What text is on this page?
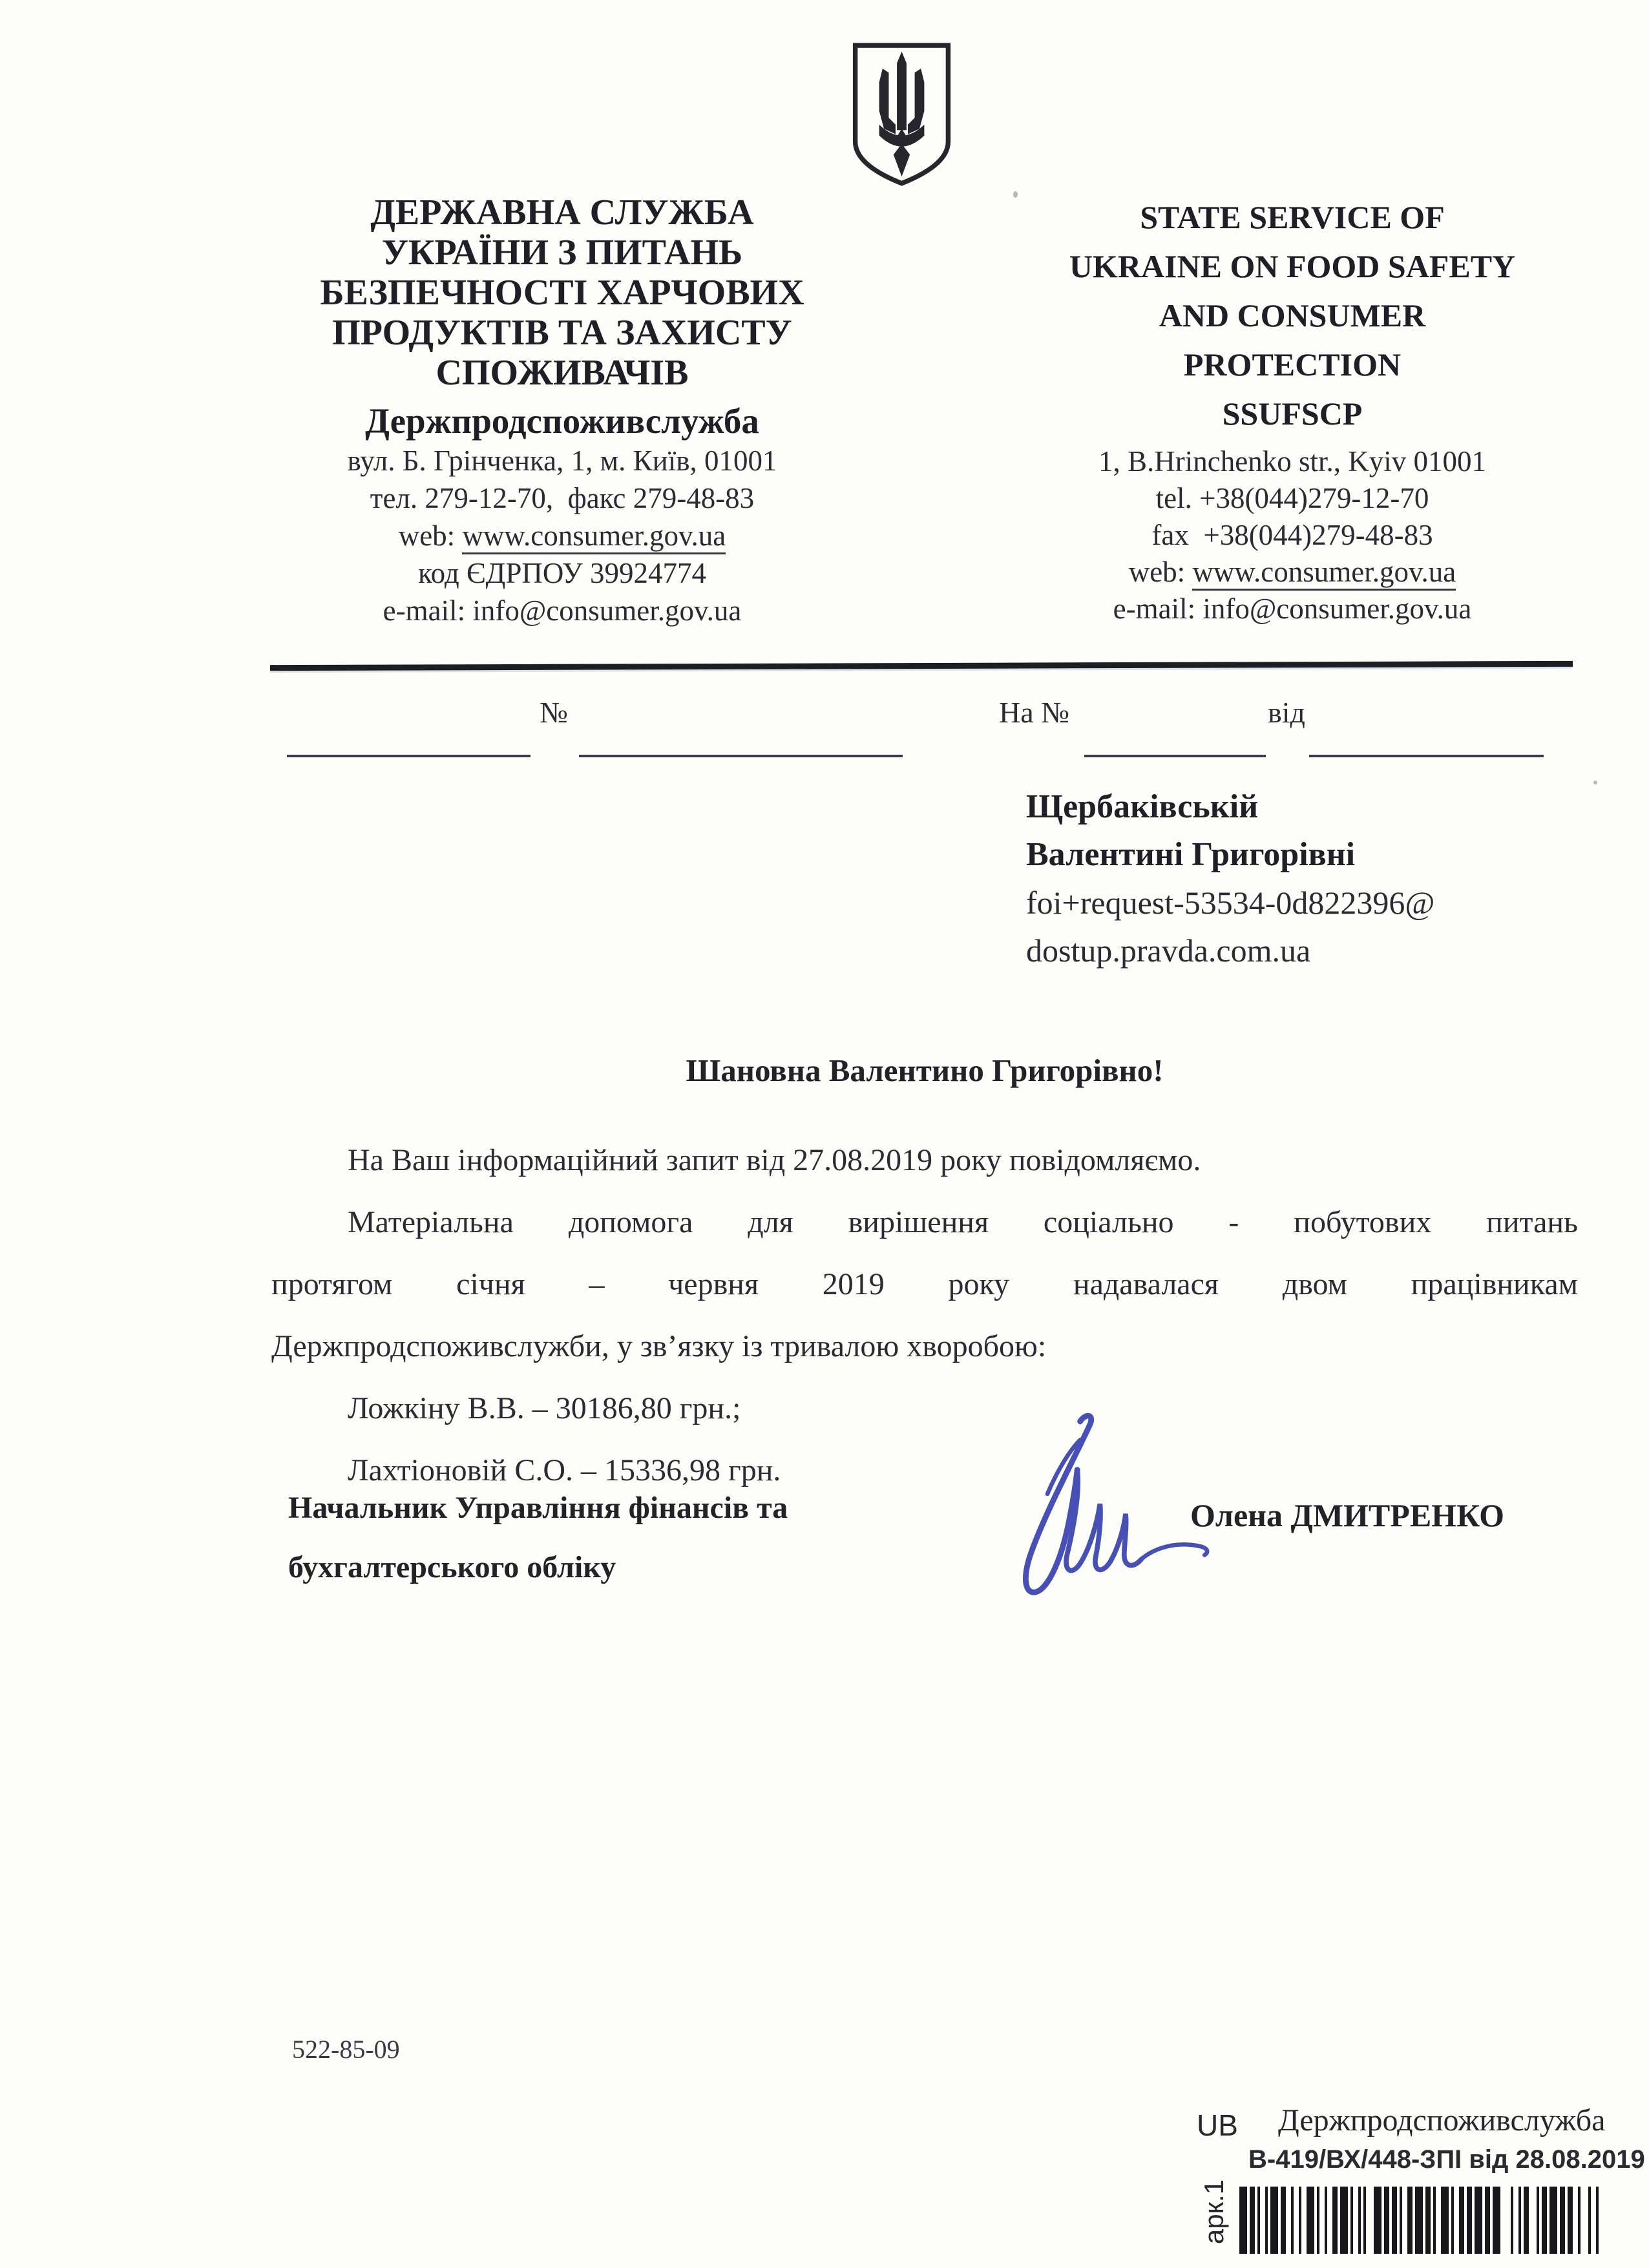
ДЕРЖАВНА СЛУЖБА
УКРАЇНИ З ПИТАНЬ
БЕЗПЕЧНОСТІ ХАРЧОВИХ
ПРОДУКТІВ ТА ЗАХИСТУ
СПОЖИВАЧІВ
Держпродспоживслужба
вул. Б. Грінченка, 1, м. Київ, 01001
тел. 279-12-70,  факс 279-48-83
web: www.consumer.gov.ua
код ЄДРПОУ 39924774
e-mail: info@consumer.gov.ua
STATE SERVICE OF
UKRAINE ON FOOD SAFETY
AND CONSUMER
PROTECTION
SSUFSCP
1, B.Hrinchenko str., Kyiv 01001
tel. +38(044)279-12-70
fax  +38(044)279-48-83
web: www.consumer.gov.ua
e-mail: info@consumer.gov.ua
№	На №	від
Щербаківській
Валентині Григорівні
foi+request-53534-0d822396@
dostup.pravda.com.ua
Шановна Валентино Григорівно!
На Ваш інформаційний запит від 27.08.2019 року повідомляємо.
Матеріальна допомога для вирішення соціально - побутових питань
протягом січня – червня 2019 року надавалася двом працівникам
Держпродспоживслужби, у зв’язку із тривалою хворобою:
Ложкіну В.В. – 30186,80 грн.;
Лахтіоновій С.О. – 15336,98 грн.
Начальник Управління фінансів та
бухгалтерського обліку
Олена ДМИТРЕНКО
522-85-09
UB Держпродспоживслужба
В-419/ВХ/448-ЗПІ від 28.08.2019
арк.1
